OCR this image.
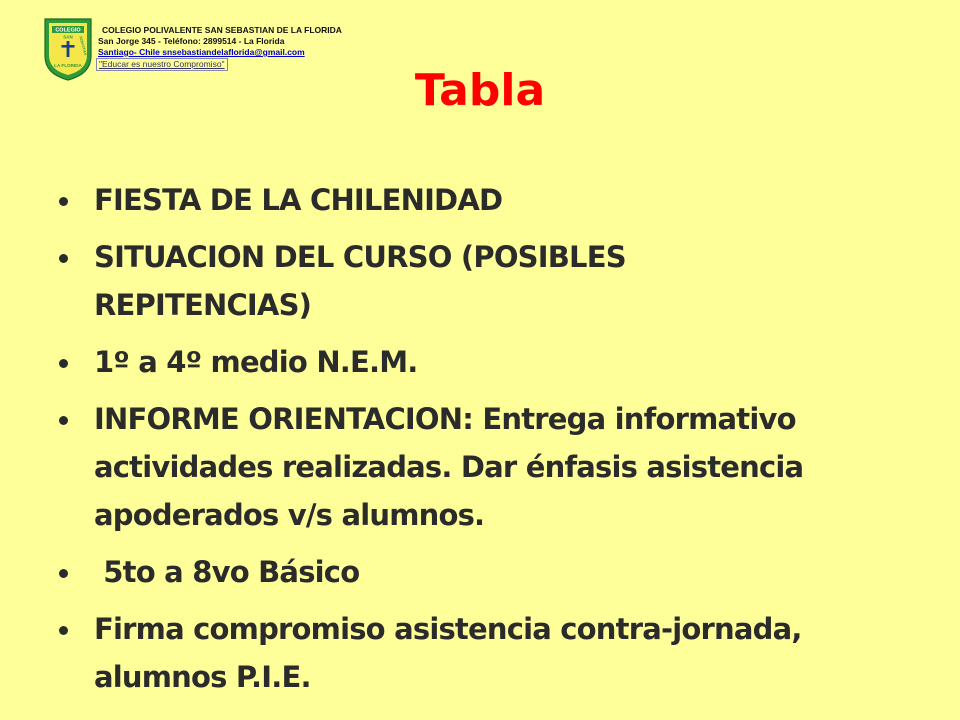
COLEGIO
SAN SEBASTIAN
LA FLORIDA
COLEGIO POLIVALENTE SAN SEBASTIAN DE LA FLORIDA
San Jorge 345 - Teléfono: 2899514 - La Florida
Santiago- Chile snsebastiandelaflorida@gmail.com
"Educar es nuestro Compromiso"
Tabla
FIESTA DE LA CHILENIDAD
SITUACION DEL CURSO (POSIBLES REPITENCIAS)
1º a 4º medio N.E.M.
INFORME ORIENTACION: Entrega informativo actividades realizadas. Dar énfasis asistencia apoderados v/s alumnos.
5to a 8vo Básico
Firma compromiso asistencia contra-jornada, alumnos P.I.E.
